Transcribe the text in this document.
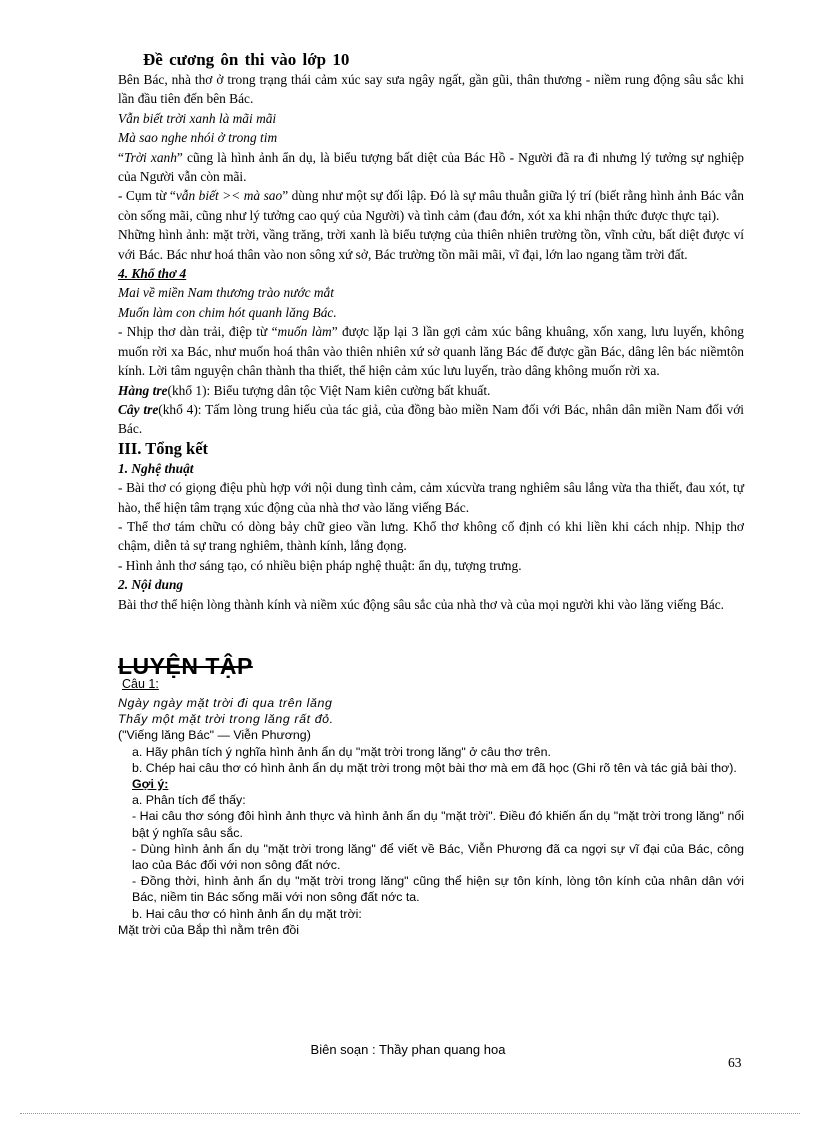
Đề cương ôn thi vào lớp 10

Bên Bác, nhà thơ ở trong trạng thái cảm xúc say sưa ngây ngất, gần gũi, thân thương - niềm rung động sâu sắc khi lần đầu tiên đến bên Bác.

Vẫn biết trời xanh là mãi mãi

Mà sao nghe nhói ở trong tim

“Trời xanh” cũng là hình ảnh ẩn dụ, là biểu tượng bất diệt của Bác Hồ - Người đã ra đi nhưng lý tưởng sự nghiệp của Người vẫn còn mãi.

- Cụm từ “vẫn biết >< mà sao” dùng như một sự đối lập. Đó là sự mâu thuẫn giữa lý trí (biết rằng hình ảnh Bác vẫn còn sống mãi, cũng như lý tưởng cao quý của Người) và tình cảm (đau đớn, xót xa khi nhận thức được thực tại).

Những hình ảnh: mặt trời, vầng trăng, trời xanh là biểu tượng của thiên nhiên trường tồn, vĩnh cửu, bất diệt được ví với Bác. Bác như hoá thân vào non sông xứ sở, Bác trường tồn mãi mãi, vĩ đại, lớn lao ngang tầm trời đất.

4. Khổ thơ 4

Mai về miền Nam thương trào nước mắt

Muốn làm con chim hót quanh lăng Bác.

- Nhịp thơ dàn trải, điệp từ “muốn làm” được lặp lại 3 lần gợi cảm xúc bâng khuâng, xốn xang, lưu luyến, không muốn rời xa Bác, như muốn hoá thân vào thiên nhiên xứ sở quanh lăng Bác để được gần Bác, dâng lên bác niềmtôn kính. Lời tâm nguyện chân thành tha thiết, thể hiện cảm xúc lưu luyến, trào dâng không muốn rời xa.

Hàng tre(khổ 1): Biểu tượng dân tộc Việt Nam kiên cường bất khuất.

Cây tre(khổ 4): Tấm lòng trung hiếu của tác giả, của đồng bào miền Nam đối với Bác, nhân dân miền Nam đối với Bác.

III. Tổng kết

1. Nghệ thuật

- Bài thơ có giọng điệu phù hợp với nội dung tình cảm, cảm xúcvừa trang nghiêm sâu lắng vừa tha thiết, đau xót, tự hào, thể hiện tâm trạng xúc động của nhà thơ vào lăng viếng Bác.

- Thể thơ tám chữu có dòng bảy chữ gieo vần lưng. Khổ thơ không cố định có khi liền khi cách nhịp. Nhịp thơ chậm, diễn tả sự trang nghiêm, thành kính, lắng đọng.

- Hình ảnh thơ sáng tạo, có nhiều biện pháp nghệ thuật: ẩn dụ, tượng trưng.

2. Nội dung

Bài thơ thể hiện lòng thành kính và niềm xúc động sâu sắc của nhà thơ và của mọi người khi vào lăng viếng Bác.

LUYỆN TẬP
Câu 1:

Ngày ngày mặt trời đi qua trên lăng

Thấy một mặt trời trong lăng rất đỏ.

("Viếng lăng Bác" — Viễn Phương)

a. Hãy phân tích ý nghĩa hình ảnh ẩn dụ "mặt trời trong lăng" ở câu thơ trên.

b. Chép hai câu thơ có hình ảnh ẩn dụ mặt trời trong một bài thơ mà em đã học (Ghi rõ tên và tác giả bài thơ).

Gợi ý:

a. Phân tích để thấy:

- Hai câu thơ sóng đôi hình ảnh thực và hình ảnh ẩn dụ "mặt trời". Điều đó khiến ẩn dụ "mặt trời trong lăng" nổi bật ý nghĩa sâu sắc.

- Dùng hình ảnh ẩn dụ "mặt trời trong lăng" để viết về Bác, Viễn Phương đã ca ngợi sự vĩ đại của Bác, công lao của Bác đối với non sông đất nớc.

- Đồng thời, hình ảnh ẩn dụ "mặt trời trong lăng" cũng thể hiện sự tôn kính, lòng tôn kính của nhân dân với Bác, niềm tin Bác sống mãi với non sông đất nớc ta.

b. Hai câu thơ có hình ảnh ẩn dụ mặt trời:

Mặt trời của Bắp thì nằm trên đồi

Biên soạn : Thầy phan quang hoa
63
